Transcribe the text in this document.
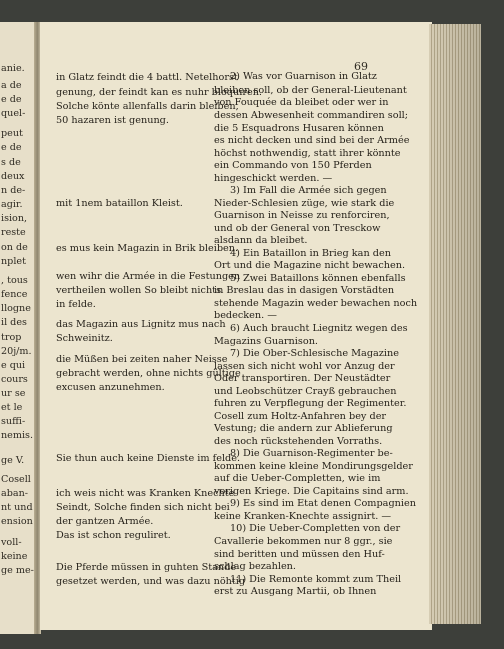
69
anie.
a de
e de
quel-
peut
e de
s de
deux
n de-
agir.
ision,
reste
on de
nplet
, tous
fence
llogne
il des
trop
20j/m.
e qui
cours
ur se
et le
suffi-
nemis.
ge V.
Cosell
aban-
nt und
ension
voll-
keine
ge me-
in Glatz feindt die 4 battl. Netelhorst
genung, der feindt kan es nuhr bloquiren.
Solche könte allenfalls darin bleiben,
50 hazaren ist genung.
mit 1nem bataillon Kleist.
es mus kein Magazin in Brik bleiben.
wen wihr die Armée in die Festungen
vertheilen wollen So bleibt nichts
in felde.
das Magazin aus Lignitz mus nach
Schweinitz.
die Müßen bei zeiten naher Neisse
gebracht werden, ohne nichts gültige
excusen anzunehmen.
Sie thun auch keine Dienste im felde.
ich weis nicht was Kranken Knechte
Seindt, Solche finden sich nicht bei
der gantzen Armée.
Das ist schon reguliret.
Die Pferde müssen in guhten Stande
gesetzet werden, und was dazu nöhtig
2) Was vor Guarnison in Glatz
bleiben soll, ob der General-Lieutenant
von Fouquée da bleibet oder wer in
dessen Abwesenheit commandiren soll;
die 5 Esquadrons Husaren können
es nicht decken und sind bei der Armée
höchst nothwendig, statt ihrer könnte
ein Commando von 150 Pferden
hingeschickt werden. —
3) Im Fall die Armée sich gegen
Nieder-Schlesien züge, wie stark die
Guarnison in Neisse zu renforciren,
und ob der General von Tresckow
alsdann da bleibet.
4) Ein Bataillon in Brieg kan den
Ort und die Magazine nicht bewachen.
5) Zwei Bataillons können ebenfalls
in Breslau das in dasigen Vorstädten
stehende Magazin weder bewachen noch
bedecken. —
6) Auch braucht Liegnitz wegen des
Magazins Guarnison.
7) Die Ober-Schlesische Magazine
lassen sich nicht wohl vor Anzug der
Oder transportiren. Der Neustädter
und Leobschützer Crayß gebrauchen
fuhren zu Verpflegung der Regimenter.
Cosell zum Holtz-Anfahren bey der
Vestung; die andern zur Ablieferung
des noch rückstehenden Vorraths.
8) Die Guarnison-Regimenter be-
kommen keine kleine Mondirungsgelder
auf die Ueber-Completten, wie im
vorigen Kriege. Die Capitains sind arm.
9) Es sind im Etat denen Compagnien
keine Kranken-Knechte assignirt. —
10) Die Ueber-Completten von der
Cavallerie bekommen nur 8 ggr., sie
sind beritten und müssen den Huf-
schlag bezahlen.
11) Die Remonte kommt zum Theil
erst zu Ausgang Martii, ob Ihnen
